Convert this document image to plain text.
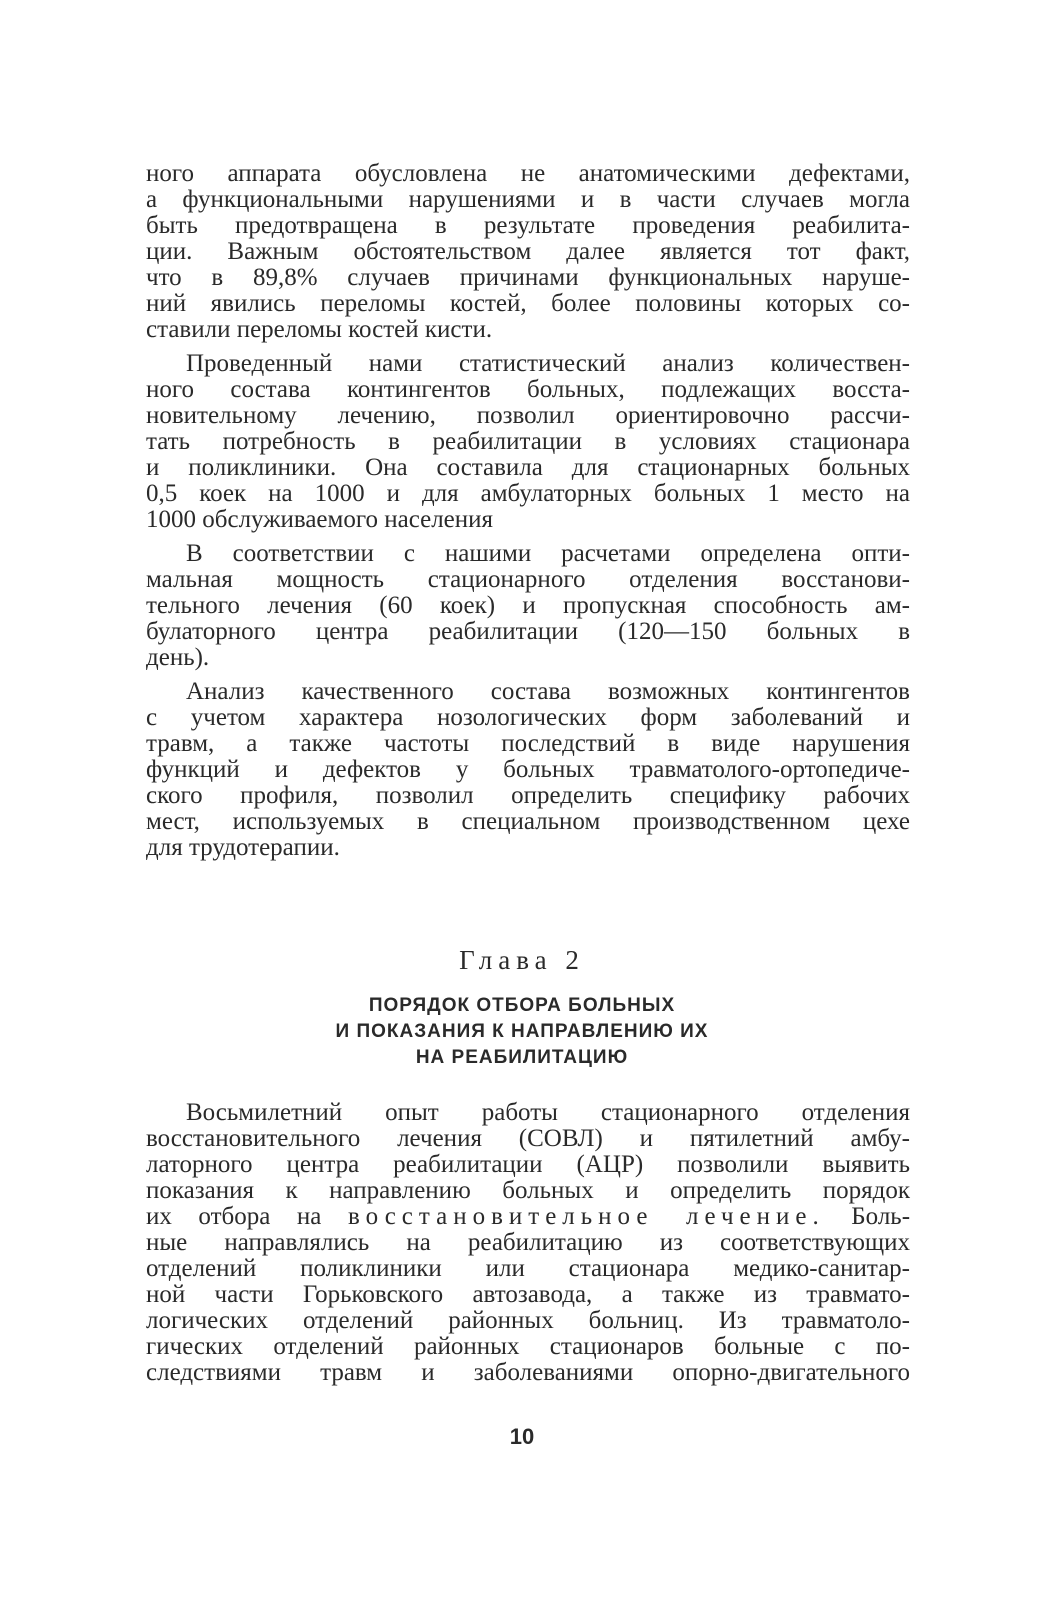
ного аппарата обусловлена не анатомическими дефектами,
а функциональными нарушениями и в части случаев могла
быть предотвращена в результате проведения реабилита-
ции. Важным обстоятельством далее является тот факт,
что в 89,8% случаев причинами функциональных наруше-
ний явились переломы костей, более половины которых со-
ставили переломы костей кисти.
Проведенный нами статистический анализ количествен-
ного состава контингентов больных, подлежащих восста-
новительному лечению, позволил ориентировочно рассчи-
тать потребность в реабилитации в условиях стационара
и поликлиники. Она составила для стационарных больных
0,5 коек на 1000 и для амбулаторных больных 1 место на
1000 обслуживаемого населения
В соответствии с нашими расчетами определена опти-
мальная мощность стационарного отделения восстанови-
тельного лечения (60 коек) и пропускная способность ам-
булаторного центра реабилитации (120—150 больных в
день).
Анализ качественного состава возможных контингентов
с учетом характера нозологических форм заболеваний и
травм, а также частоты последствий в виде нарушения
функций и дефектов у больных травматолого-ортопедиче-
ского профиля, позволил определить специфику рабочих
мест, используемых в специальном производственном цехе
для трудотерапии.
Глава 2
ПОРЯДОК ОТБОРА БОЛЬНЫХ
И ПОКАЗАНИЯ К НАПРАВЛЕНИЮ ИХ
НА РЕАБИЛИТАЦИЮ
Восьмилетний опыт работы стационарного отделения
восстановительного лечения (СОВЛ) и пятилетний амбу-
латорного центра реабилитации (АЦР) позволили выявить
показания к направлению больных и определить порядок
их отбора на восстановительное лечение. Боль-
ные направлялись на реабилитацию из соответствующих
отделений поликлиники или стационара медико-санитар-
ной части Горьковского автозавода, а также из травмато-
логических отделений районных больниц. Из травматоло-
гических отделений районных стационаров больные с по-
следствиями травм и заболеваниями опорно-двигательного
10
